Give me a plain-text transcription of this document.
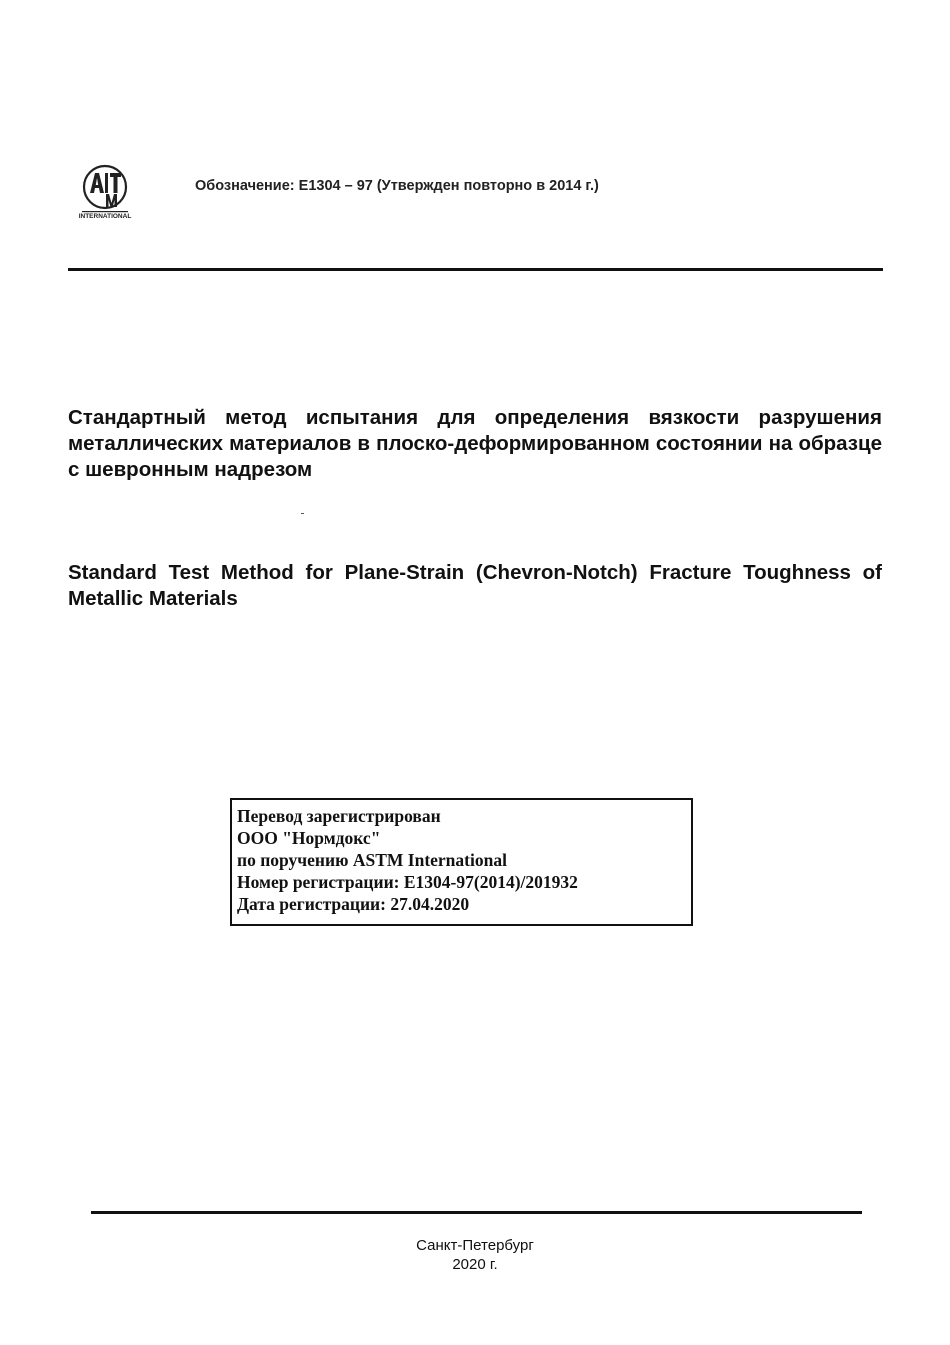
INTERNATIONAL
Обозначение: E1304 – 97 (Утвержден повторно в 2014 г.)
Стандартный метод испытания для определения вязкости разрушения металлических материалов в плоско-деформированном состоянии на образце с шевронным надрезом
Standard Test Method for Plane-Strain (Chevron-Notch) Fracture Toughness of Metallic Materials
Перевод зарегистрирован
ООО "Нормдокс"
по поручению ASTM International
Номер регистрации: E1304-97(2014)/201932
Дата регистрации: 27.04.2020
Санкт-Петербург
2020 г.
